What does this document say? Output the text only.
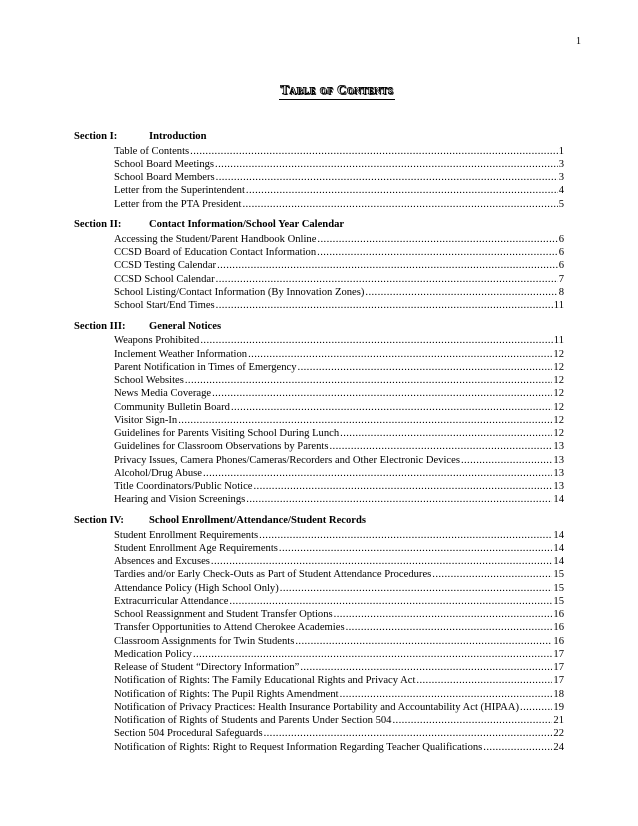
1
Table of Contents
Section I:	Introduction
Table of Contents .....	1
School Board Meetings .....	3
School Board Members .....	3
Letter from the Superintendent .....	4
Letter from the PTA President .....	5
Section II:	Contact Information/School Year Calendar
Accessing the Student/Parent Handbook Online .....	6
CCSD Board of Education Contact Information .....	6
CCSD Testing Calendar .....	6
CCSD School Calendar .....	7
School Listing/Contact Information (By Innovation Zones) .....	8
School Start/End Times .....	11
Section III:	General Notices
Weapons Prohibited .....	11
Inclement Weather Information .....	12
Parent Notification in Times of Emergency .....	12
School Websites .....	12
News Media Coverage .....	12
Community Bulletin Board .....	12
Visitor Sign-In .....	12
Guidelines for Parents Visiting School During Lunch .....	12
Guidelines for Classroom Observations by Parents .....	13
Privacy Issues, Camera Phones/Cameras/Recorders and Other Electronic Devices .....	13
Alcohol/Drug Abuse .....	13
Title Coordinators/Public Notice .....	13
Hearing and Vision Screenings .....	14
Section IV:	School Enrollment/Attendance/Student Records
Student Enrollment Requirements .....	14
Student Enrollment Age Requirements .....	14
Absences and Excuses .....	14
Tardies and/or Early Check-Outs as Part of Student Attendance Procedures .....	15
Attendance Policy (High School Only) .....	15
Extracurricular Attendance .....	15
School Reassignment and Student Transfer Options .....	16
Transfer Opportunities to Attend Cherokee Academies .....	16
Classroom Assignments for Twin Students .....	16
Medication Policy .....	17
Release of Student “Directory Information” .....	17
Notification of Rights: The Family Educational Rights and Privacy Act .....	17
Notification of Rights: The Pupil Rights Amendment .....	18
Notification of Privacy Practices: Health Insurance Portability and Accountability Act (HIPAA) .....	19
Notification of Rights of Students and Parents Under Section 504 .....	21
Section 504 Procedural Safeguards .....	22
Notification of Rights: Right to Request Information Regarding Teacher Qualifications .....	24
